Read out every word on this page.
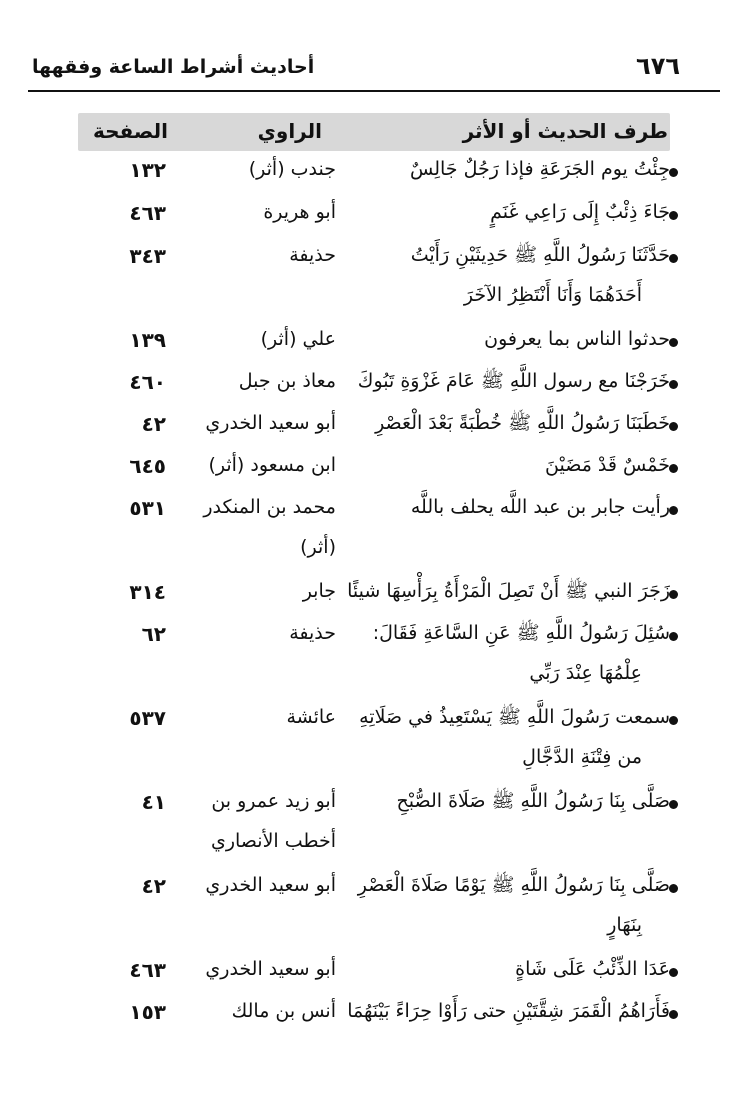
٦٧٦
أحاديث أشراط الساعة وفقهها
طرف الحديث أو الأثر
الراوي
الصفحة
جِئْتُ يوم الجَرَعَةِ فإذا رَجُلٌ جَالِسٌ
جندب (أثر)
١٣٢
جَاءَ ذِئْبٌ إِلَى رَاعِي غَنَمٍ
أبو هريرة
٤٦٣
حَدَّثَنَا رَسُولُ اللَّهِ ﷺ حَدِيثَيْنِ رَأَيْتُ
أَحَدَهُمَا وَأَنَا أَنْتَظِرُ الآخَرَ
حذيفة
٣٤٣
حدثوا الناس بما يعرفون
علي (أثر)
١٣٩
خَرَجْنَا مع رسول اللَّهِ ﷺ عَامَ غَزْوَةِ تَبُوكَ
معاذ بن جبل
٤٦٠
خَطَبَنَا رَسُولُ اللَّهِ ﷺ خُطْبَةً بَعْدَ الْعَصْرِ
أبو سعيد الخدري
٤٢
خَمْسٌ قَدْ مَضَيْنَ
ابن مسعود (أثر)
٦٤٥
رأيت جابر بن عبد اللَّه يحلف باللَّه
محمد بن المنكدر
(أثر)
٥٣١
زَجَرَ النبي ﷺ أَنْ تَصِلَ الْمَرْأَةُ بِرَأْسِهَا شيئًا
جابر
٣١٤
سُئِلَ رَسُولُ اللَّهِ ﷺ عَنِ السَّاعَةِ فَقَالَ:
عِلْمُهَا عِنْدَ رَبِّي
حذيفة
٦٢
سمعت رَسُولَ اللَّهِ ﷺ يَسْتَعِيذُ في صَلَاتِهِ
من فِتْنَةِ الدَّجَّالِ
عائشة
٥٣٧
صَلَّى بِنَا رَسُولُ اللَّهِ ﷺ صَلَاةَ الصُّبْحِ
أبو زيد عمرو بن
أخطب الأنصاري
٤١
صَلَّى بِنَا رَسُولُ اللَّهِ ﷺ يَوْمًا صَلَاةَ الْعَصْرِ
بِنَهَارٍ
أبو سعيد الخدري
٤٢
عَدَا الذِّئْبُ عَلَى شَاةٍ
أبو سعيد الخدري
٤٦٣
فَأَرَاهُمُ الْقَمَرَ شِقَّتَيْنِ حتى رَأَوْا حِرَاءً بَيْنَهُمَا
أنس بن مالك
١٥٣
